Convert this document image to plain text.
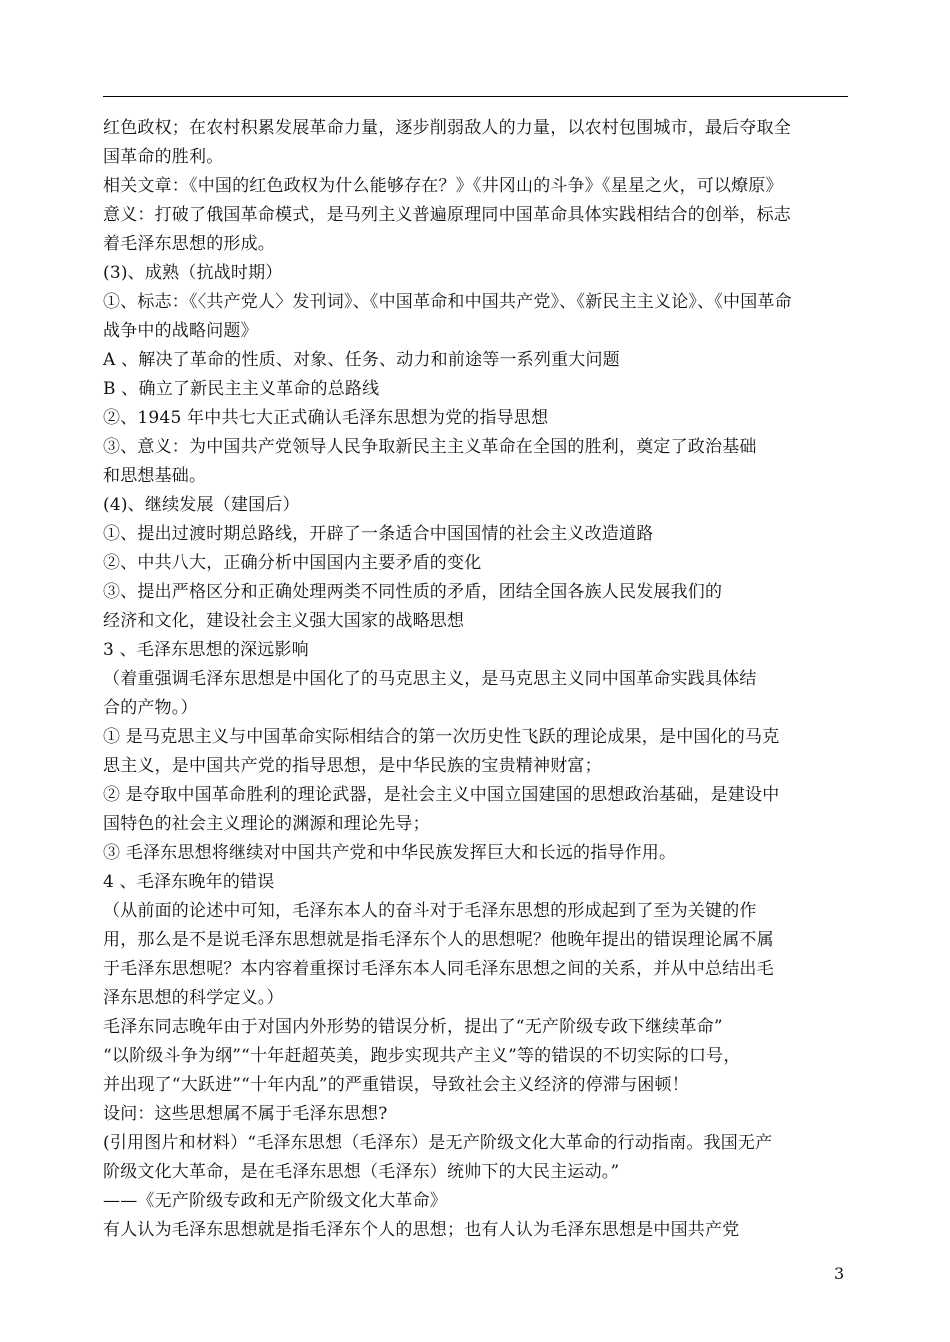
红色政权；在农村积累发展革命力量，逐步削弱敌人的力量，以农村包围城市，最后夺取全
国革命的胜利。
相关文章：《中国的红色政权为什么能够存在？》《井冈山的斗争》《星星之火，可以燎原》
意义：打破了俄国革命模式，是马列主义普遍原理同中国革命具体实践相结合的创举，标志
着毛泽东思想的形成。
(3)、成熟（抗战时期）
①、标志：《〈共产党人〉发刊词》、《中国革命和中国共产党》、《新民主主义论》、《中国革命
战争中的战略问题》
A 、解决了革命的性质、对象、任务、动力和前途等一系列重大问题
B 、确立了新民主主义革命的总路线
②、1945 年中共七大正式确认毛泽东思想为党的指导思想
③、意义：为中国共产党领导人民争取新民主主义革命在全国的胜利，奠定了政治基础
和思想基础。
(4)、继续发展（建国后）
①、提出过渡时期总路线，开辟了一条适合中国国情的社会主义改造道路
②、中共八大，正确分析中国国内主要矛盾的变化
③、提出严格区分和正确处理两类不同性质的矛盾，团结全国各族人民发展我们的
经济和文化，建设社会主义强大国家的战略思想
3 、毛泽东思想的深远影响
（着重强调毛泽东思想是中国化了的马克思主义，是马克思主义同中国革命实践具体结
合的产物。）
① 是马克思主义与中国革命实际相结合的第一次历史性飞跃的理论成果，是中国化的马克
思主义，是中国共产党的指导思想，是中华民族的宝贵精神财富；
② 是夺取中国革命胜利的理论武器，是社会主义中国立国建国的思想政治基础，是建设中
国特色的社会主义理论的渊源和理论先导；
③ 毛泽东思想将继续对中国共产党和中华民族发挥巨大和长远的指导作用。
4 、毛泽东晚年的错误
（从前面的论述中可知，毛泽东本人的奋斗对于毛泽东思想的形成起到了至为关键的作
用，那么是不是说毛泽东思想就是指毛泽东个人的思想呢？他晚年提出的错误理论属不属
于毛泽东思想呢？本内容着重探讨毛泽东本人同毛泽东思想之间的关系，并从中总结出毛
泽东思想的科学定义。）
毛泽东同志晚年由于对国内外形势的错误分析，提出了“无产阶级专政下继续革命”
“以阶级斗争为纲”“十年赶超英美，跑步实现共产主义”等的错误的不切实际的口号，
并出现了“大跃进”“十年内乱”的严重错误，导致社会主义经济的停滞与困顿！
设问：这些思想属不属于毛泽东思想?
(引用图片和材料）“毛泽东思想（毛泽东）是无产阶级文化大革命的行动指南。我国无产
阶级文化大革命，是在毛泽东思想（毛泽东）统帅下的大民主运动。”
——《无产阶级专政和无产阶级文化大革命》
有人认为毛泽东思想就是指毛泽东个人的思想；也有人认为毛泽东思想是中国共产党
3
